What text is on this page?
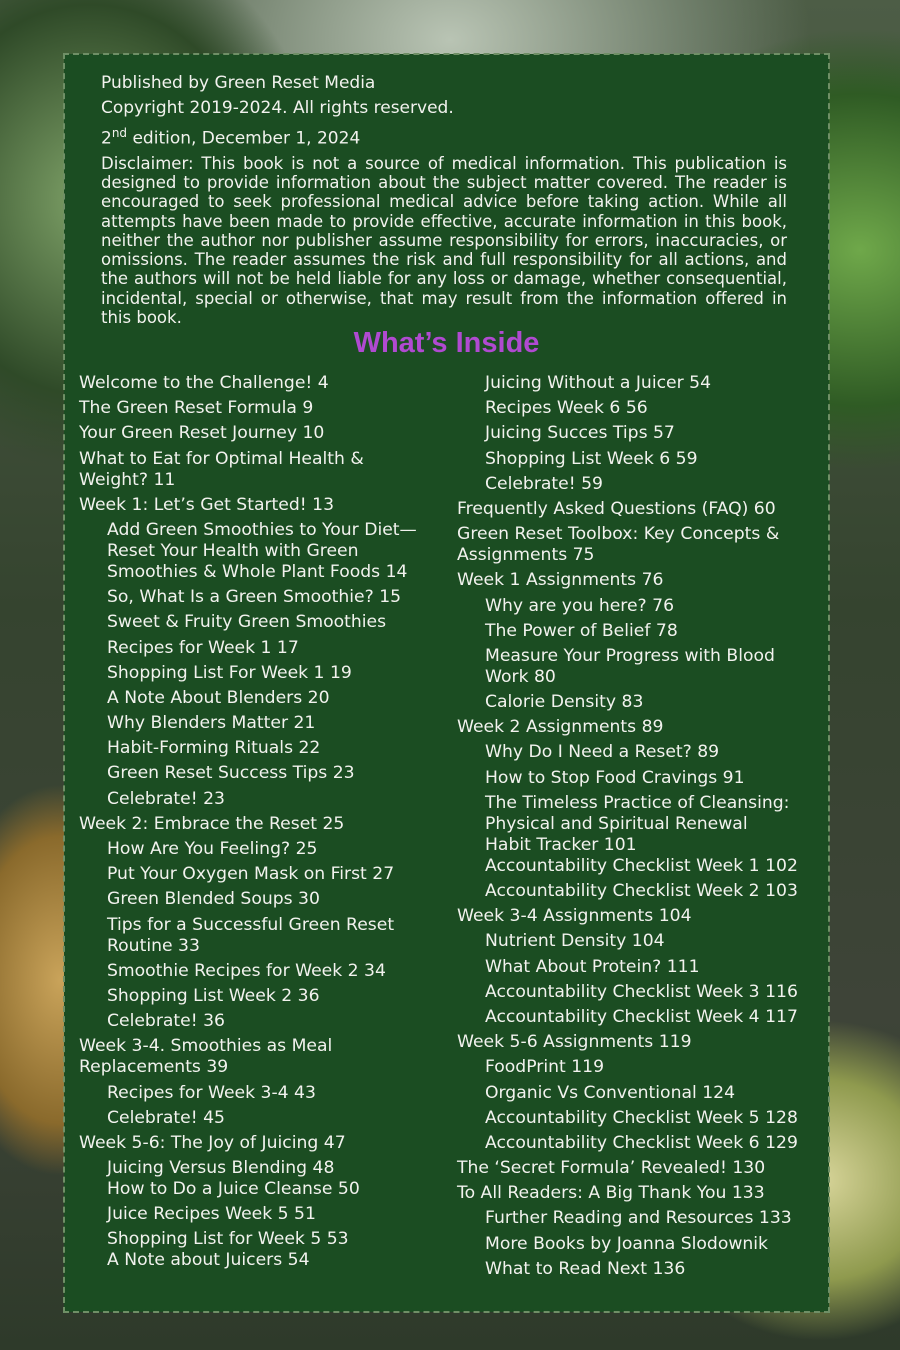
Published by Green Reset Media

Copyright 2019-2024. All rights reserved.

2nd edition, December 1, 2024

Disclaimer: This book is not a source of medical information. This publication is designed to provide information about the subject matter covered. The reader is encouraged to seek professional medical advice before taking action. While all attempts have been made to provide effective, accurate information in this book, neither the author nor publisher assume responsibility for errors, inaccuracies, or omissions. The reader assumes the risk and full responsibility for all actions, and the authors will not be held liable for any loss or damage, whether consequential, incidental, special or otherwise, that may result from the information offered in this book.

What’s Inside
Welcome to the Challenge! 4
The Green Reset Formula 9
Your Green Reset Journey 10
What to Eat for Optimal Health & Weight? 11
Week 1: Let’s Get Started! 13
Add Green Smoothies to Your Diet—Reset Your Health with Green Smoothies & Whole Plant Foods 14
So, What Is a Green Smoothie? 15
Sweet & Fruity Green Smoothies
Recipes for Week 1 17
Shopping List For Week 1 19
A Note About Blenders 20
Why Blenders Matter 21
Habit-Forming Rituals 22
Green Reset Success Tips 23
Celebrate! 23
Week 2: Embrace the Reset 25
How Are You Feeling? 25
Put Your Oxygen Mask on First 27
Green Blended Soups 30
Tips for a Successful Green Reset Routine 33
Smoothie Recipes for Week 2 34
Shopping List Week 2 36
Celebrate! 36
Week 3-4. Smoothies as Meal Replacements 39
Recipes for Week 3-4 43
Celebrate! 45
Week 5-6: The Joy of Juicing 47
Juicing Versus Blending 48
How to Do a Juice Cleanse 50
Juice Recipes Week 5 51
Shopping List for Week 5 53
A Note about Juicers 54
Juicing Without a Juicer 54
Recipes Week 6 56
Juicing Succes Tips 57
Shopping List Week 6 59
Celebrate! 59
Frequently Asked Questions (FAQ) 60
Green Reset Toolbox: Key Concepts & Assignments 75
Week 1 Assignments 76
Why are you here? 76
The Power of Belief 78
Measure Your Progress with Blood Work 80
Calorie Density 83
Week 2 Assignments 89
Why Do I Need a Reset? 89
How to Stop Food Cravings 91
The Timeless Practice of Cleansing: Physical and Spiritual Renewal
Habit Tracker 101
Accountability Checklist Week 1 102
Accountability Checklist Week 2 103
Week 3-4 Assignments 104
Nutrient Density 104
What About Protein? 111
Accountability Checklist Week 3 116
Accountability Checklist Week 4 117
Week 5-6 Assignments 119
FoodPrint 119
Organic Vs Conventional 124
Accountability Checklist Week 5 128
Accountability Checklist Week 6 129
The ‘Secret Formula’ Revealed! 130
To All Readers: A Big Thank You 133
Further Reading and Resources 133
More Books by Joanna Slodownik
What to Read Next 136
